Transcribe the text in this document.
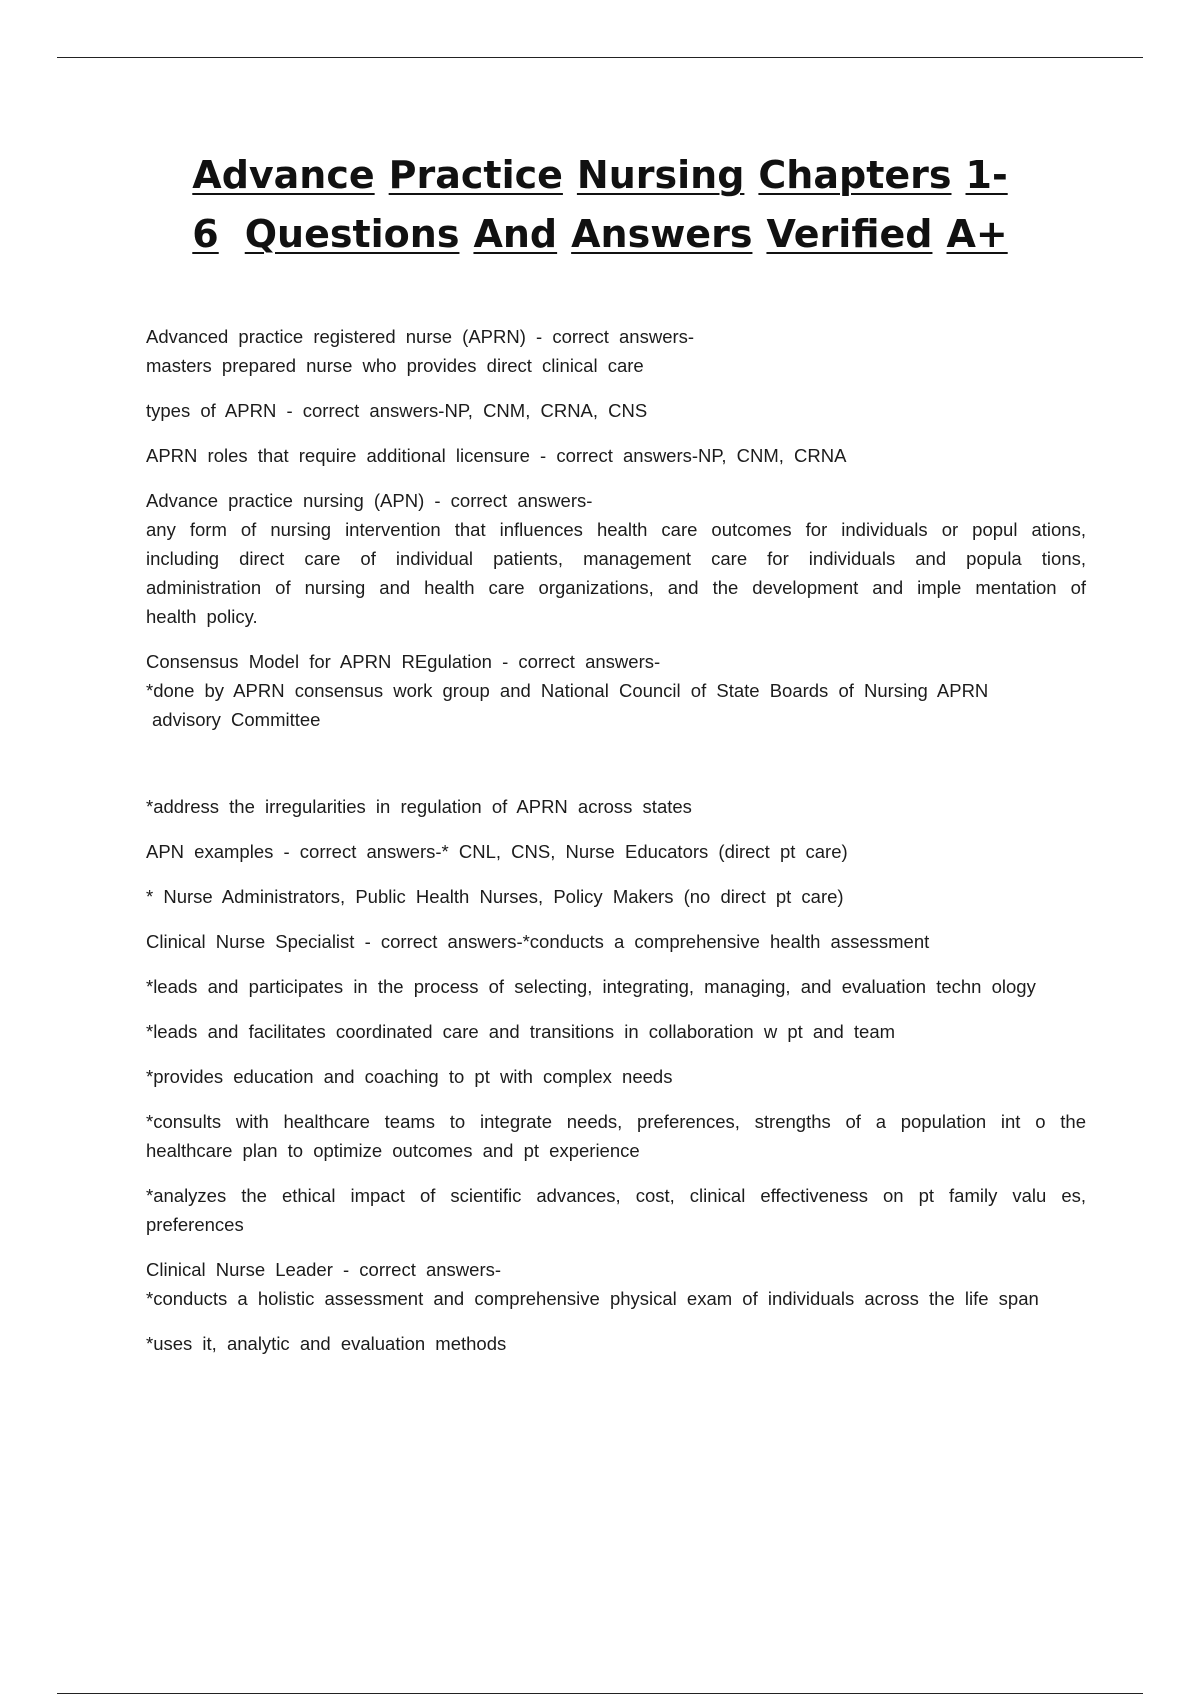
Advance Practice Nursing Chapters 1-
6 Questions And Answers Verified A+
Advanced practice registered nurse (APRN) - correct answers-
masters prepared nurse who provides direct clinical care
types of APRN - correct answers-NP, CNM, CRNA, CNS
APRN roles that require additional licensure - correct answers-NP, CNM, CRNA
Advance practice nursing (APN) - correct answers-
any form of nursing intervention that influences health care outcomes for individuals or popul ations, including direct care of individual patients, management care for individuals and popula tions, administration of nursing and health care organizations, and the development and imple mentation of health policy.
Consensus Model for APRN REgulation - correct answers-
*done by APRN consensus work group and National Council of State Boards of Nursing APRN
advisory Committee
*address the irregularities in regulation of APRN across states
APN examples - correct answers-* CNL, CNS, Nurse Educators (direct pt care)
* Nurse Administrators, Public Health Nurses, Policy Makers (no direct pt care)
Clinical Nurse Specialist - correct answers-*conducts a comprehensive health assessment
*leads and participates in the process of selecting, integrating, managing, and evaluation techn ology
*leads and facilitates coordinated care and transitions in collaboration w pt and team
*provides education and coaching to pt with complex needs
*consults with healthcare teams to integrate needs, preferences, strengths of a population int o the healthcare plan to optimize outcomes and pt experience
*analyzes the ethical impact of scientific advances, cost, clinical effectiveness on pt family valu es, preferences
Clinical Nurse Leader - correct answers-
*conducts a holistic assessment and comprehensive physical exam of individuals across the life span
*uses it, analytic and evaluation methods
